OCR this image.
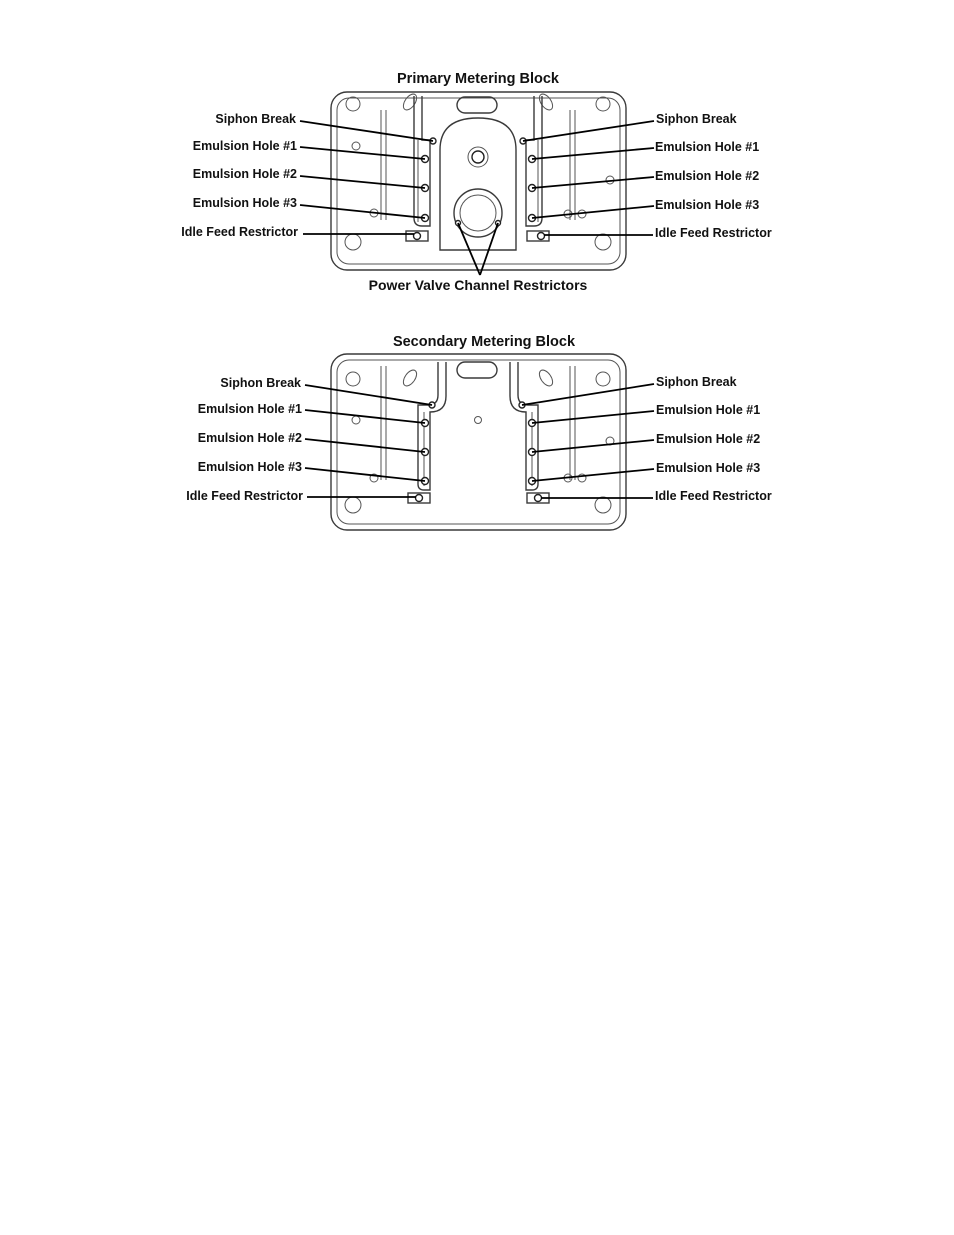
Primary Metering Block
Siphon Break
Emulsion Hole #1
Emulsion Hole #2
Emulsion Hole #3
Idle Feed Restrictor
Siphon Break
Emulsion Hole #1
Emulsion Hole #2
Emulsion Hole #3
Idle Feed Restrictor
Power Valve Channel Restrictors
Secondary Metering Block
Siphon Break
Emulsion Hole #1
Emulsion Hole #2
Emulsion Hole #3
Idle Feed Restrictor
Siphon Break
Emulsion Hole #1
Emulsion Hole #2
Emulsion Hole #3
Idle Feed Restrictor
